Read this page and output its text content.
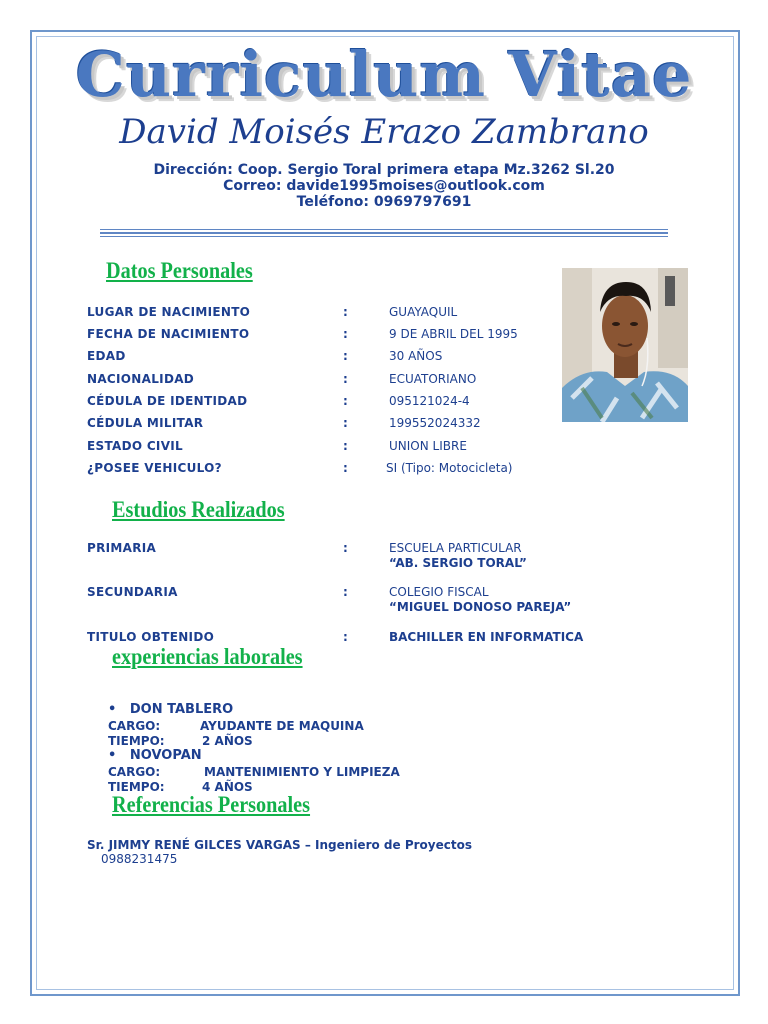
Curriculum Vitae
David Moisés Erazo Zambrano
Dirección: Coop. Sergio Toral primera etapa Mz.3262 Sl.20
Correo: davide1995moises@outlook.com
Teléfono: 0969797691
Datos Personales
LUGAR DE NACIMIENTO	:	GUAYAQUIL
FECHA DE NACIMIENTO	:	9 DE ABRIL DEL 1995
EDAD	:	30 AÑOS
NACIONALIDAD	:	ECUATORIANO
CÉDULA DE IDENTIDAD	:	095121024-4
CÉDULA MILITAR	:	199552024332
ESTADO CIVIL	:	UNION LIBRE
¿POSEE VEHICULO?	:	SI (Tipo: Motocicleta)
Estudios Realizados
PRIMARIA	:	ESCUELA PARTICULAR
“AB. SERGIO TORAL”
SECUNDARIA	:	COLEGIO FISCAL
“MIGUEL DONOSO PAREJA”
TITULO OBTENIDO	:	BACHILLER EN INFORMATICA
experiencias laborales
• DON TABLERO
CARGO:	AYUDANTE DE MAQUINA
TIEMPO:	2 AÑOS
• NOVOPAN
CARGO:	MANTENIMIENTO Y LIMPIEZA
TIEMPO:	4 AÑOS
Referencias Personales
Sr. JIMMY RENÉ GILCES VARGAS – Ingeniero de Proyectos
0988231475
